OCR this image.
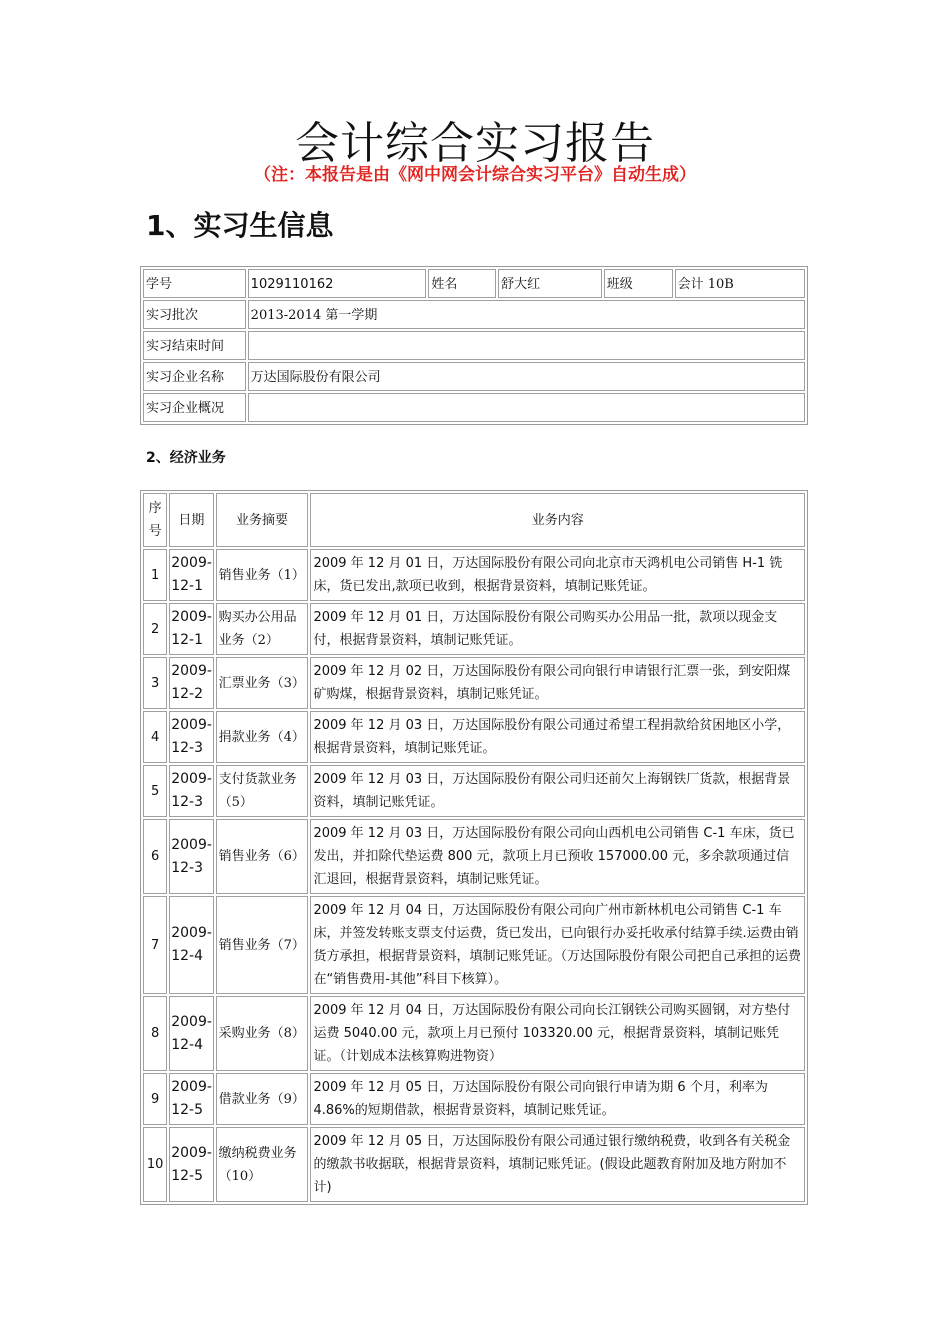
会计综合实习报告
（注：本报告是由《网中网会计综合实习平台》自动生成）
1、实习生信息
学号	1029110162	姓名	舒大红	班级	会计 10B
实习批次	2013-2014 第一学期				
实习结束时间					
实习企业名称	万达国际股份有限公司				
实习企业概况					
2、经济业务
序号	日期	业务摘要	业务内容
1	2009-12-1	销售业务（1）	2009 年 12 月 01 日，万达国际股份有限公司向北京市天鸿机电公司销售 H-1 铣床，货已发出,款项已收到，根据背景资料，填制记账凭证。
2	2009-12-1	购买办公用品业务（2）	2009 年 12 月 01 日，万达国际股份有限公司购买办公用品一批，款项以现金支付，根据背景资料，填制记账凭证。
3	2009-12-2	汇票业务（3）	2009 年 12 月 02 日，万达国际股份有限公司向银行申请银行汇票一张，到安阳煤矿购煤，根据背景资料，填制记账凭证。
4	2009-12-3	捐款业务（4）	2009 年 12 月 03 日，万达国际股份有限公司通过希望工程捐款给贫困地区小学，根据背景资料，填制记账凭证。
5	2009-12-3	支付货款业务（5）	2009 年 12 月 03 日，万达国际股份有限公司归还前欠上海钢铁厂货款，根据背景资料，填制记账凭证。
6	2009-12-3	销售业务（6）	2009 年 12 月 03 日，万达国际股份有限公司向山西机电公司销售 C-1 车床，货已发出，并扣除代垫运费 800 元，款项上月已预收 157000.00 元，多余款项通过信汇退回，根据背景资料，填制记账凭证。
7	2009-12-4	销售业务（7）	2009 年 12 月 04 日，万达国际股份有限公司向广州市新林机电公司销售 C-1 车床，并签发转账支票支付运费，货已发出，已向银行办妥托收承付结算手续.运费由销货方承担，根据背景资料，填制记账凭证。（万达国际股份有限公司把自己承担的运费在“销售费用-其他”科目下核算）。
8	2009-12-4	采购业务（8）	2009 年 12 月 04 日，万达国际股份有限公司向长江钢铁公司购买圆钢，对方垫付运费 5040.00 元，款项上月已预付 103320.00 元，根据背景资料，填制记账凭证。（计划成本法核算购进物资）
9	2009-12-5	借款业务（9）	2009 年 12 月 05 日，万达国际股份有限公司向银行申请为期 6 个月，利率为 4.86%的短期借款，根据背景资料，填制记账凭证。
10	2009-12-5	缴纳税费业务（10）	2009 年 12 月 05 日，万达国际股份有限公司通过银行缴纳税费，收到各有关税金的缴款书收据联，根据背景资料，填制记账凭证。(假设此题教育附加及地方附加不计)
